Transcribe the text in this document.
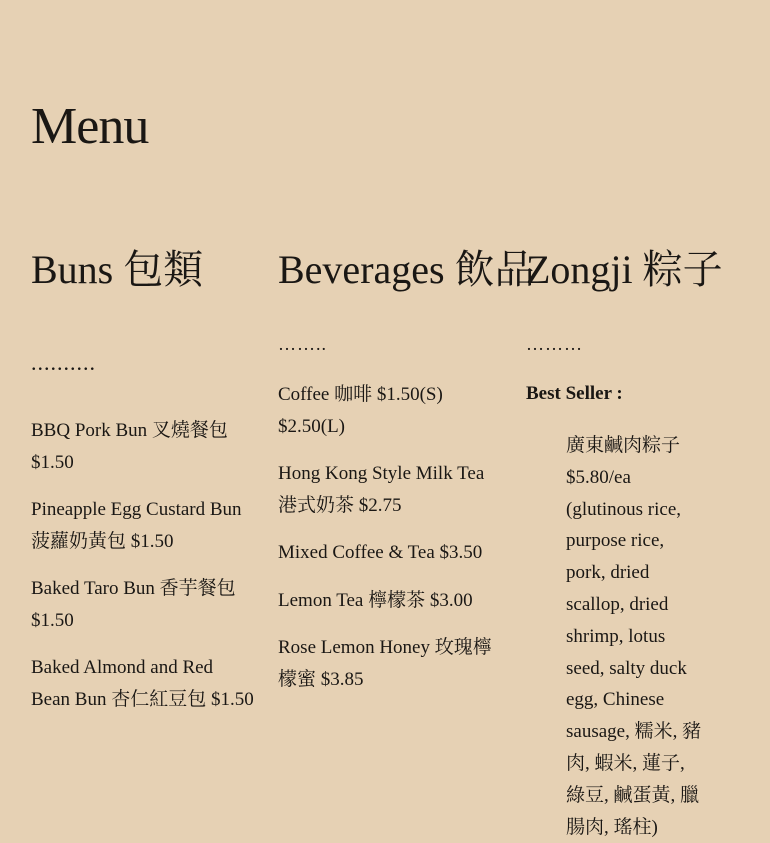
Menu
Buns 包類

..........

BBQ Pork Bun 叉燒餐包 $1.50
Pineapple Egg Custard Bun 菠蘿奶黃包 $1.50
Baked Taro Bun 香芋餐包 $1.50
Baked Almond and Red Bean Bun 杏仁紅豆包 $1.50
Beverages 飲品

……..

Coffee 咖啡 $1.50(S) $2.50(L)
Hong Kong Style Milk Tea 港式奶茶 $2.75
Mixed Coffee & Tea $3.50
Lemon Tea 檸檬茶 $3.00
Rose Lemon Honey 玫瑰檸檬蜜 $3.85
Zongji 粽子

………

Best Seller :

廣東鹹肉粽子 $5.80/ea (glutinous rice, purpose rice, pork, dried scallop, dried shrimp, lotus seed, salty duck egg, Chinese sausage, 糯米, 豬肉, 蝦米, 蓮子, 綠豆, 鹹蛋黃, 臘腸肉, 瑤柱)
